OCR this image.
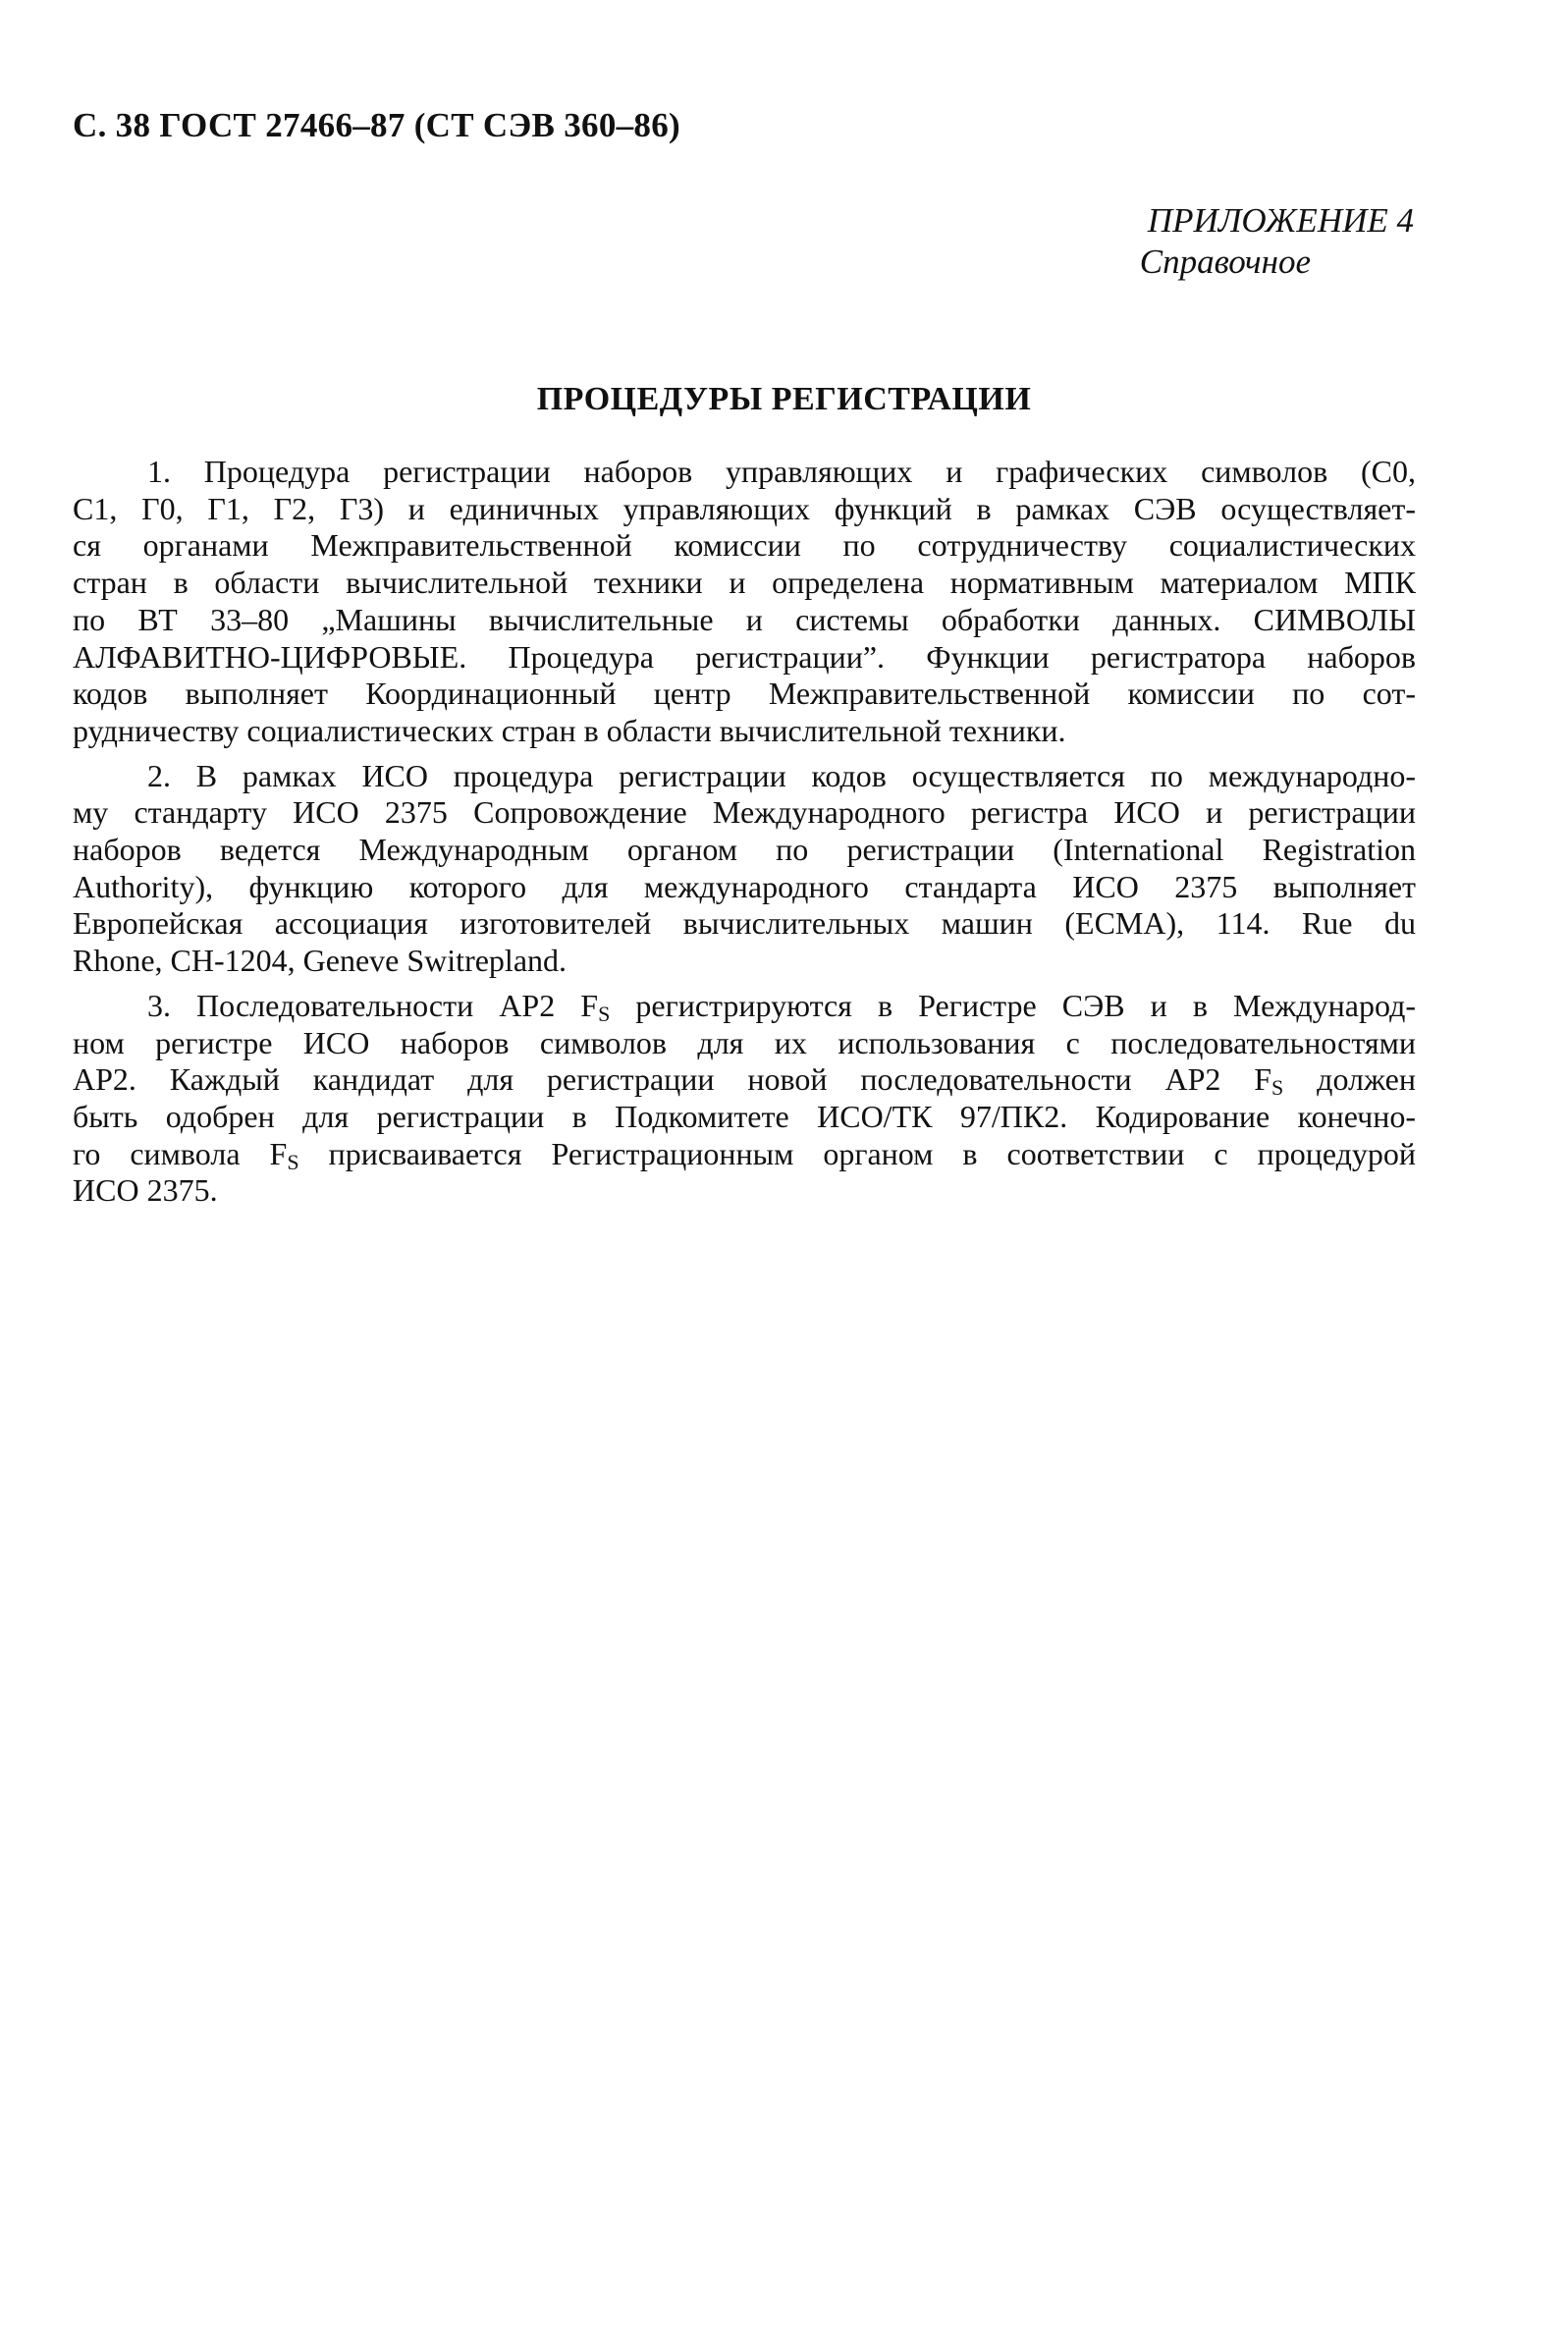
С. 38 ГОСТ 27466–87 (СТ СЭВ 360–86)
ПРИЛОЖЕНИЕ 4
Справочное
ПРОЦЕДУРЫ РЕГИСТРАЦИИ

1. Процедура регистрации наборов управляющих и графических символов (С0,
С1, Г0, Г1, Г2, Г3) и единичных управляющих функций в рамках СЭВ осуществляет-
ся органами Межправительственной комиссии по сотрудничеству социалистических
стран в области вычислительной техники и определена нормативным материалом МПК
по ВТ 33–80 „Машины вычислительные и системы обработки данных. СИМВОЛЫ
АЛФАВИТНО-ЦИФРОВЫЕ. Процедура регистрации”. Функции регистратора наборов
кодов выполняет Координационный центр Межправительственной комиссии по сот-
рудничеству социалистических стран в области вычислительной техники.

2. В рамках ИСО процедура регистрации кодов осуществляется по международно-
му стандарту ИСО 2375 Сопровождение Международного регистра ИСО и регистрации
наборов ведется Международным органом по регистрации (International Registration
Authority), функцию которого для международного стандарта ИСО 2375 выполняет
Европейская ассоциация изготовителей вычислительных машин (ЕСМА), 114. Rue du
Rhone, CH-1204, Geneve Switrepland.

3. Последовательности АР2 $F_S$ регистрируются в Регистре СЭВ и в Международ-
ном регистре ИСО наборов символов для их использования с последовательностями
АР2. Каждый кандидат для регистрации новой последовательности АР2 $F_S$ должен
быть одобрен для регистрации в Подкомитете ИСО/ТК 97/ПК2. Кодирование конечно-
го символа $F_S$ присваивается Регистрационным органом в соответствии с процедурой
ИСО 2375.
